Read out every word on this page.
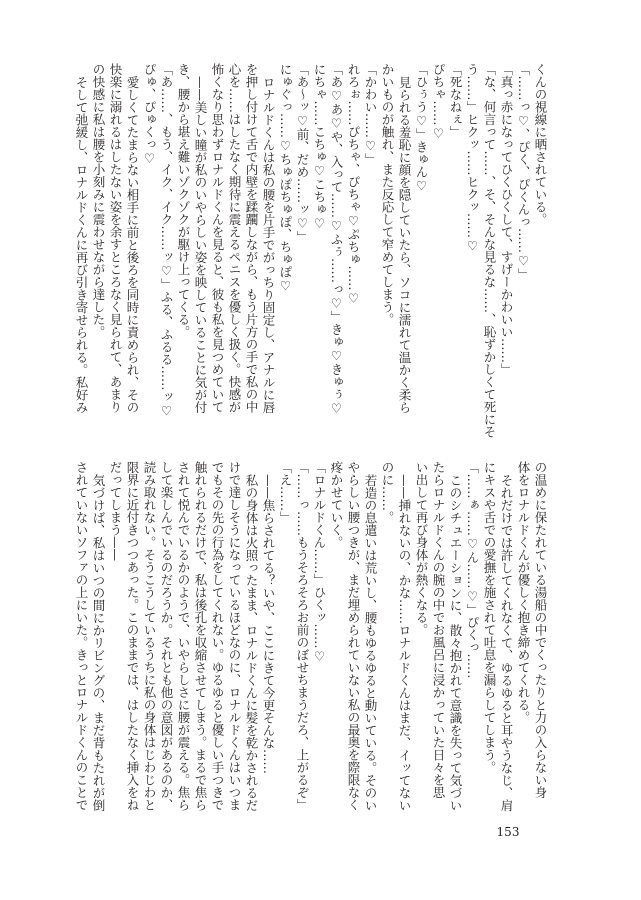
くんの視線に晒されている。
「……っ♡、ぴく、ぴくんっ……♡」
「真っ赤になってひくひくして、すげーかわいい……」
「な、何言って……、そ、そんな見るな……、恥ずかしくて死にそ
う……」ヒクッ……ヒクッ……♡
「死なねぇ」
ぴちゃ……♡
「ひぅう♡」きゅん♡
見られる羞恥に顔を隠していたら、ソコに濡れて温かく柔ら
かいものが触れ、また反応して窄めてしまう。
「かわい……♡」
れろぉ……ぴちゃ、ぴちゃ♡ぷちゅ……♡
「あ♡あ♡や、入って……♡ふぅ……っ♡」きゅ♡きゅぅ♡
にちゃ……こちゅ♡こちゅ♡
「あ～ッ♡前、だめ……ッ♡」
にゅぐっ……♡ちゅぽちゅぽ、ちゅぽ♡
ロナルドくんは私の腰を片手でがっちり固定し、アナルに唇
を押し付けて舌で内壁を蹂躙しながら、もう片方の手で私の中
心を……はしたなく期待に震えるペニスを優しく扱く。快感が
怖くなり思わずロナルドくんを見ると、彼も私を見つめていて
——美しい瞳が私のいやらしい姿を映していることに気が付
き、腰から堪え難いゾクゾクが駆け上ってくる。
「あ……、もう、イク、イク……ッ♡」ふる、ふるる……ッ♡
ぴゅ、ぴゅくっ♡
愛しくてたまらない相手に前と後ろを同時に責められ、その
快楽に溺れるはしたない姿を余すところなく見られて、あまり
の快感に私は腰を小刻みに震わせながら達した。
そして弛緩し、ロナルドくんに再び引き寄せられる。私好み
の温めに保たれている湯船の中でくったりと力の入らない身
体をロナルドくんが優しく抱き締めてくれる。
それだけでは許してくれなくて、ゆるゆると耳やうなじ、肩
にキスや舌での愛撫を施されて吐息を漏らしてしまう。
「……ぁ……♡ん……♡」ぴくっ……
このシチュエーションに、散々抱かれて意識を失って気づい
たらロナルドくんの腕の中でお風呂に浸かっていた日々を思
い出して再び身体が熱くなる。
——挿れないの、かな……ロナルドくんはまだ、イッてない
のに……。
若造の息遣いは荒いし、腰もゆるゆると動いている。そのい
やらしい腰つきが、まだ埋められていない私の最奥を際限なく
疼かせていく。
「ロナルドくん……」ひくッ……♡
「……っ……もうそろそろお前のぼせちまうだろ、上がるぞ」
「え……」
——焦らされてる？いや、ここにきて今更そんな……
私の身体は火照ったまま、ロナルドくんに髪を乾かされるだ
けで達しそうになっているほどなのに、ロナルドくんはいつま
でもその先の行為をしてくれない。ゆるゆると優しい手つきで
触れられるだけで、私は後孔を収縮させてしまう。まるで焦ら
されて悦んでいるかのようで、いやらしさに腰が震える。焦ら
して楽しんでいるのだろうか。それとも他の意図があるのか、
読み取れない。そうこうしているうちに私の身体はじわじわと
限界に近付きつつあった。このままでは、はしたなく挿入をね
だってしまう——
気づけば、私はいつの間にかリビングの、まだ背もたれが倒
されていないソファの上にいた。きっとロナルドくんのことで
153
